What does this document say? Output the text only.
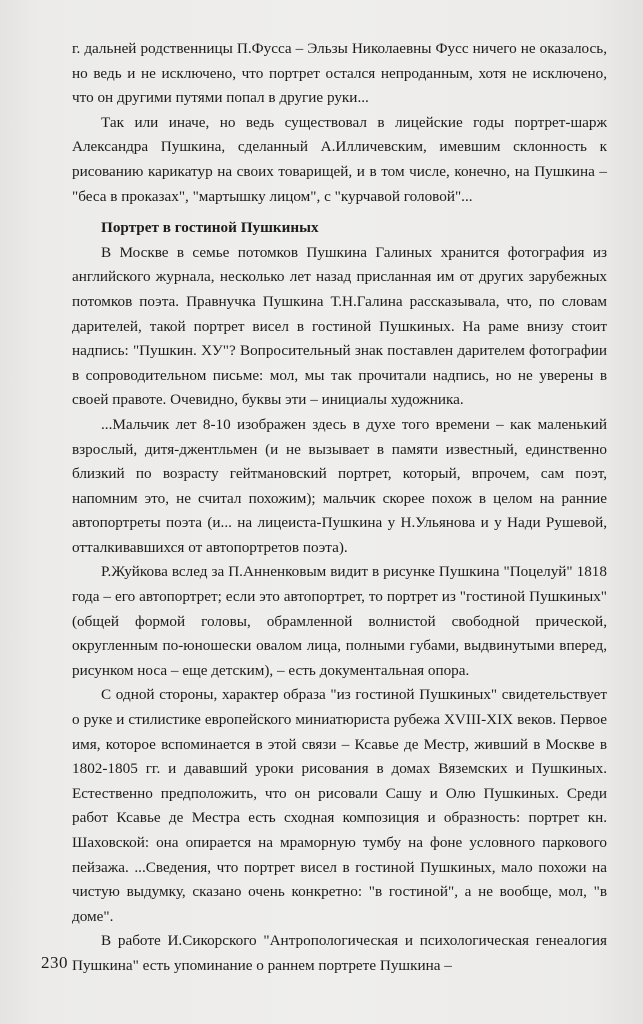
г. дальней родственницы П.Фусса – Эльзы Николаевны Фусс ничего не оказалось, но ведь и не исключено, что портрет остался непроданным, хотя не исключено, что он другими путями попал в другие руки...

Так или иначе, но ведь существовал в лицейские годы портрет-шарж Александра Пушкина, сделанный А.Илличевским, имевшим склонность к рисованию карикатур на своих товарищей, и в том числе, конечно, на Пушкина – "беса в проказах", "мартышку лицом", с "курчавой головой"...

Портрет в гостиной Пушкиных

В Москве в семье потомков Пушкина Галиных хранится фотография из английского журнала, несколько лет назад присланная им от других зарубежных потомков поэта. Правнучка Пушкина Т.Н.Галина рассказывала, что, по словам дарителей, такой портрет висел в гостиной Пушкиных. На раме внизу стоит надпись: "Пушкин. ХУ"? Вопросительный знак поставлен дарителем фотографии в сопроводительном письме: мол, мы так прочитали надпись, но не уверены в своей правоте. Очевидно, буквы эти – инициалы художника.

...Мальчик лет 8-10 изображен здесь в духе того времени – как маленький взрослый, дитя-джентльмен (и не вызывает в памяти известный, единственно близкий по возрасту гейтмановский портрет, который, впрочем, сам поэт, напомним это, не считал похожим); мальчик скорее похож в целом на ранние автопортреты поэта (и... на лицеиста-Пушкина у Н.Ульянова и у Нади Рушевой, отталкивавшихся от автопортретов поэта).

Р.Жуйкова вслед за П.Анненковым видит в рисунке Пушкина "Поцелуй" 1818 года – его автопортрет; если это автопортрет, то портрет из "гостиной Пушкиных" (общей формой головы, обрамленной волнистой свободной прической, округленным по-юношески овалом лица, полными губами, выдвинутыми вперед, рисунком носа – еще детским), – есть документальная опора.

С одной стороны, характер образа "из гостиной Пушкиных" свидетельствует о руке и стилистике европейского миниатюриста рубежа XVIII-XIX веков. Первое имя, которое вспоминается в этой связи – Ксавье де Местр, живший в Москве в 1802-1805 гг. и дававший уроки рисования в домах Вяземских и Пушкиных. Естественно предположить, что он рисовали Сашу и Олю Пушкиных. Среди работ Ксавье де Местра есть сходная композиция и образность: портрет кн. Шаховской: она опирается на мраморную тумбу на фоне условного паркового пейзажа. ...Сведения, что портрет висел в гостиной Пушкиных, мало похожи на чистую выдумку, сказано очень конкретно: "в гостиной", а не вообще, мол, "в доме".

В работе И.Сикорского "Антропологическая и психологическая генеалогия Пушкина" есть упоминание о раннем портрете Пушкина –

230
